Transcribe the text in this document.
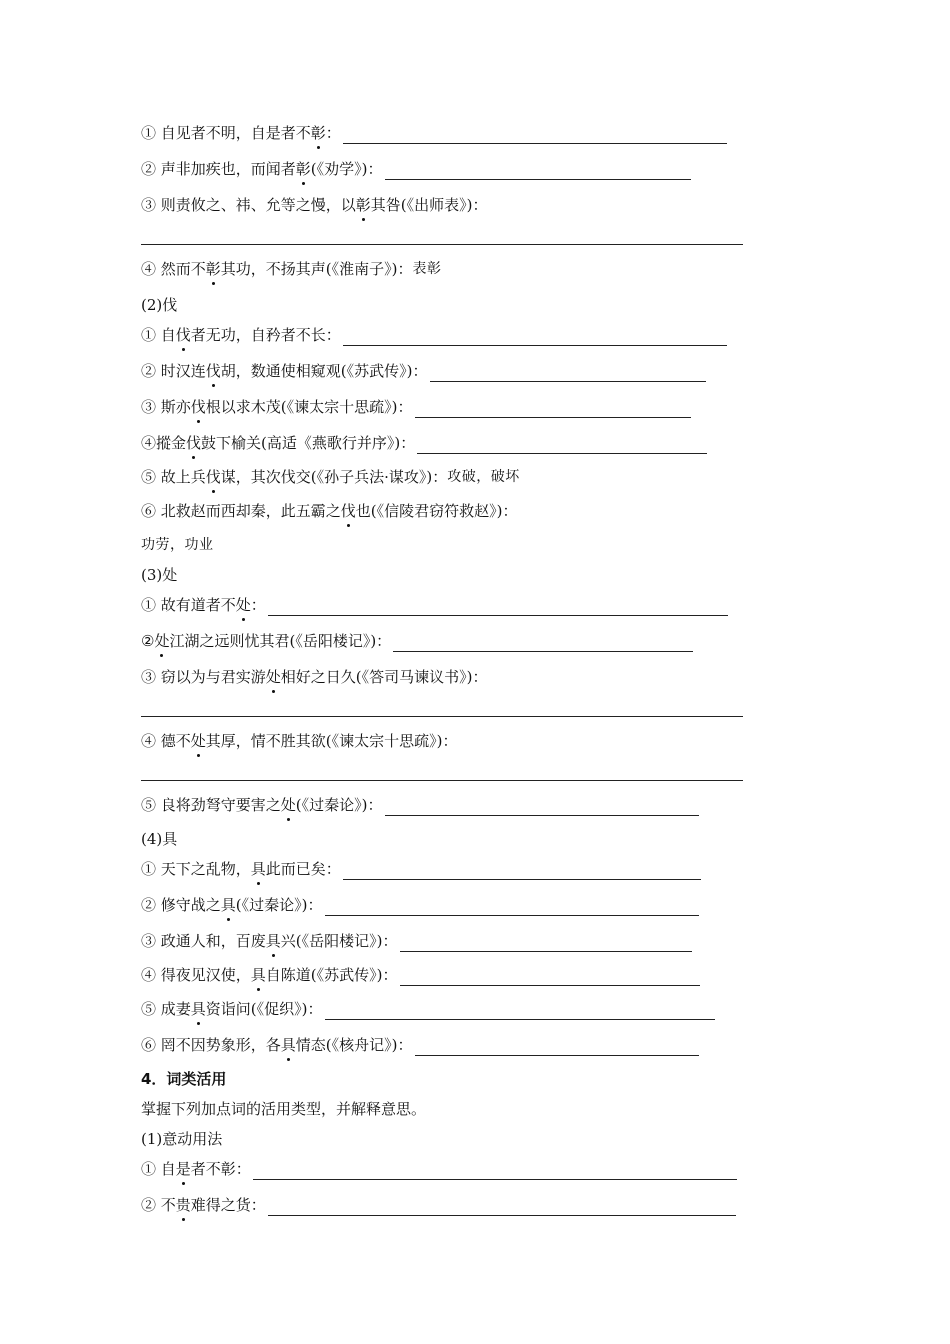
① 自见者不明，自是者不 彰 ：
② 声非加疾也，而闻者 彰 (《劝学》)：
③ 则责攸之、祎、允等之慢，以 彰 其咎(《出师表》)：
④ 然而不 彰 其功，不扬其声(《淮南子》)： 表彰
(2)伐
① 自 伐 者无功，自矜者不长：
② 时汉连 伐 胡，数通使相窥观(《苏武传》)：
③ 斯亦 伐 根以求木茂(《谏太宗十思疏》)：
④摐金 伐 鼓下榆关(高适《燕歌行并序》)：
⑤ 故上兵 伐 谋，其次伐交(《孙子兵法·谋攻》)： 攻破，破坏
⑥ 北救赵而西却秦，此五霸之 伐 也(《信陵君窃符救赵》)：
功劳，功业
(3)处
① 故有道者不 处 ：
② 处 江湖之远则忧其君(《岳阳楼记》)：
③ 窃以为与君实游 处 相好之日久(《答司马谏议书》)：
④ 德不 处 其厚，情不胜其欲(《谏太宗十思疏》)：
⑤ 良将劲弩守要害之 处 (《过秦论》)：
(4)具
① 天下之乱物， 具 此而已矣：
② 修守战之 具 (《过秦论》)：
③ 政通人和，百废 具 兴(《岳阳楼记》)：
④ 得夜见汉使， 具 自陈道(《苏武传》)：
⑤ 成妻 具 资诣问(《促织》)：
⑥ 罔不因势象形，各 具 情态(《核舟记》)：
4．词类活用
掌握下列加点词的活用类型，并解释意思。
(1)意动用法
① 自 是 者不彰：
② 不 贵 难得之货：
